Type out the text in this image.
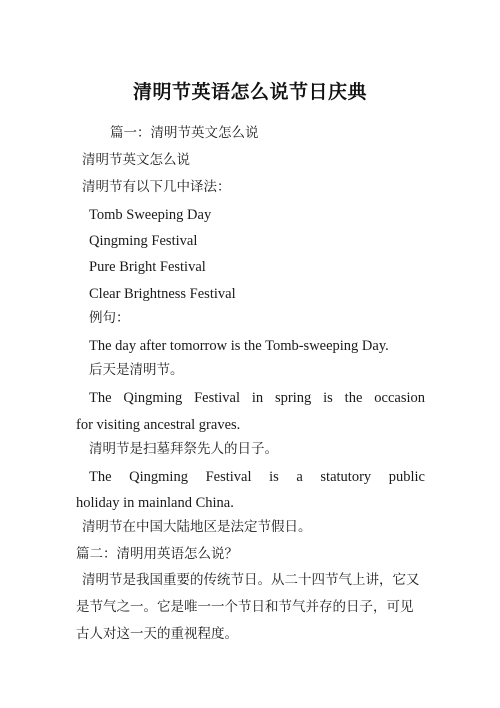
清明节英语怎么说节日庆典
篇一：清明节英文怎么说
清明节英文怎么说
清明节有以下几中译法：
Tomb Sweeping Day
Qingming Festival
Pure Bright Festival
Clear Brightness Festival
例句：
The day after tomorrow is the Tomb-sweeping Day.
后天是清明节。
The Qingming Festival in spring is the occasion
for visiting ancestral graves.
清明节是扫墓拜祭先人的日子。
The Qingming Festival is a statutory public
holiday in mainland China.
清明节在中国大陆地区是法定节假日。
篇二：清明用英语怎么说？
清明节是我国重要的传统节日。从二十四节气上讲，它又
是节气之一。它是唯一一个节日和节气并存的日子，可见
古人对这一天的重视程度。
